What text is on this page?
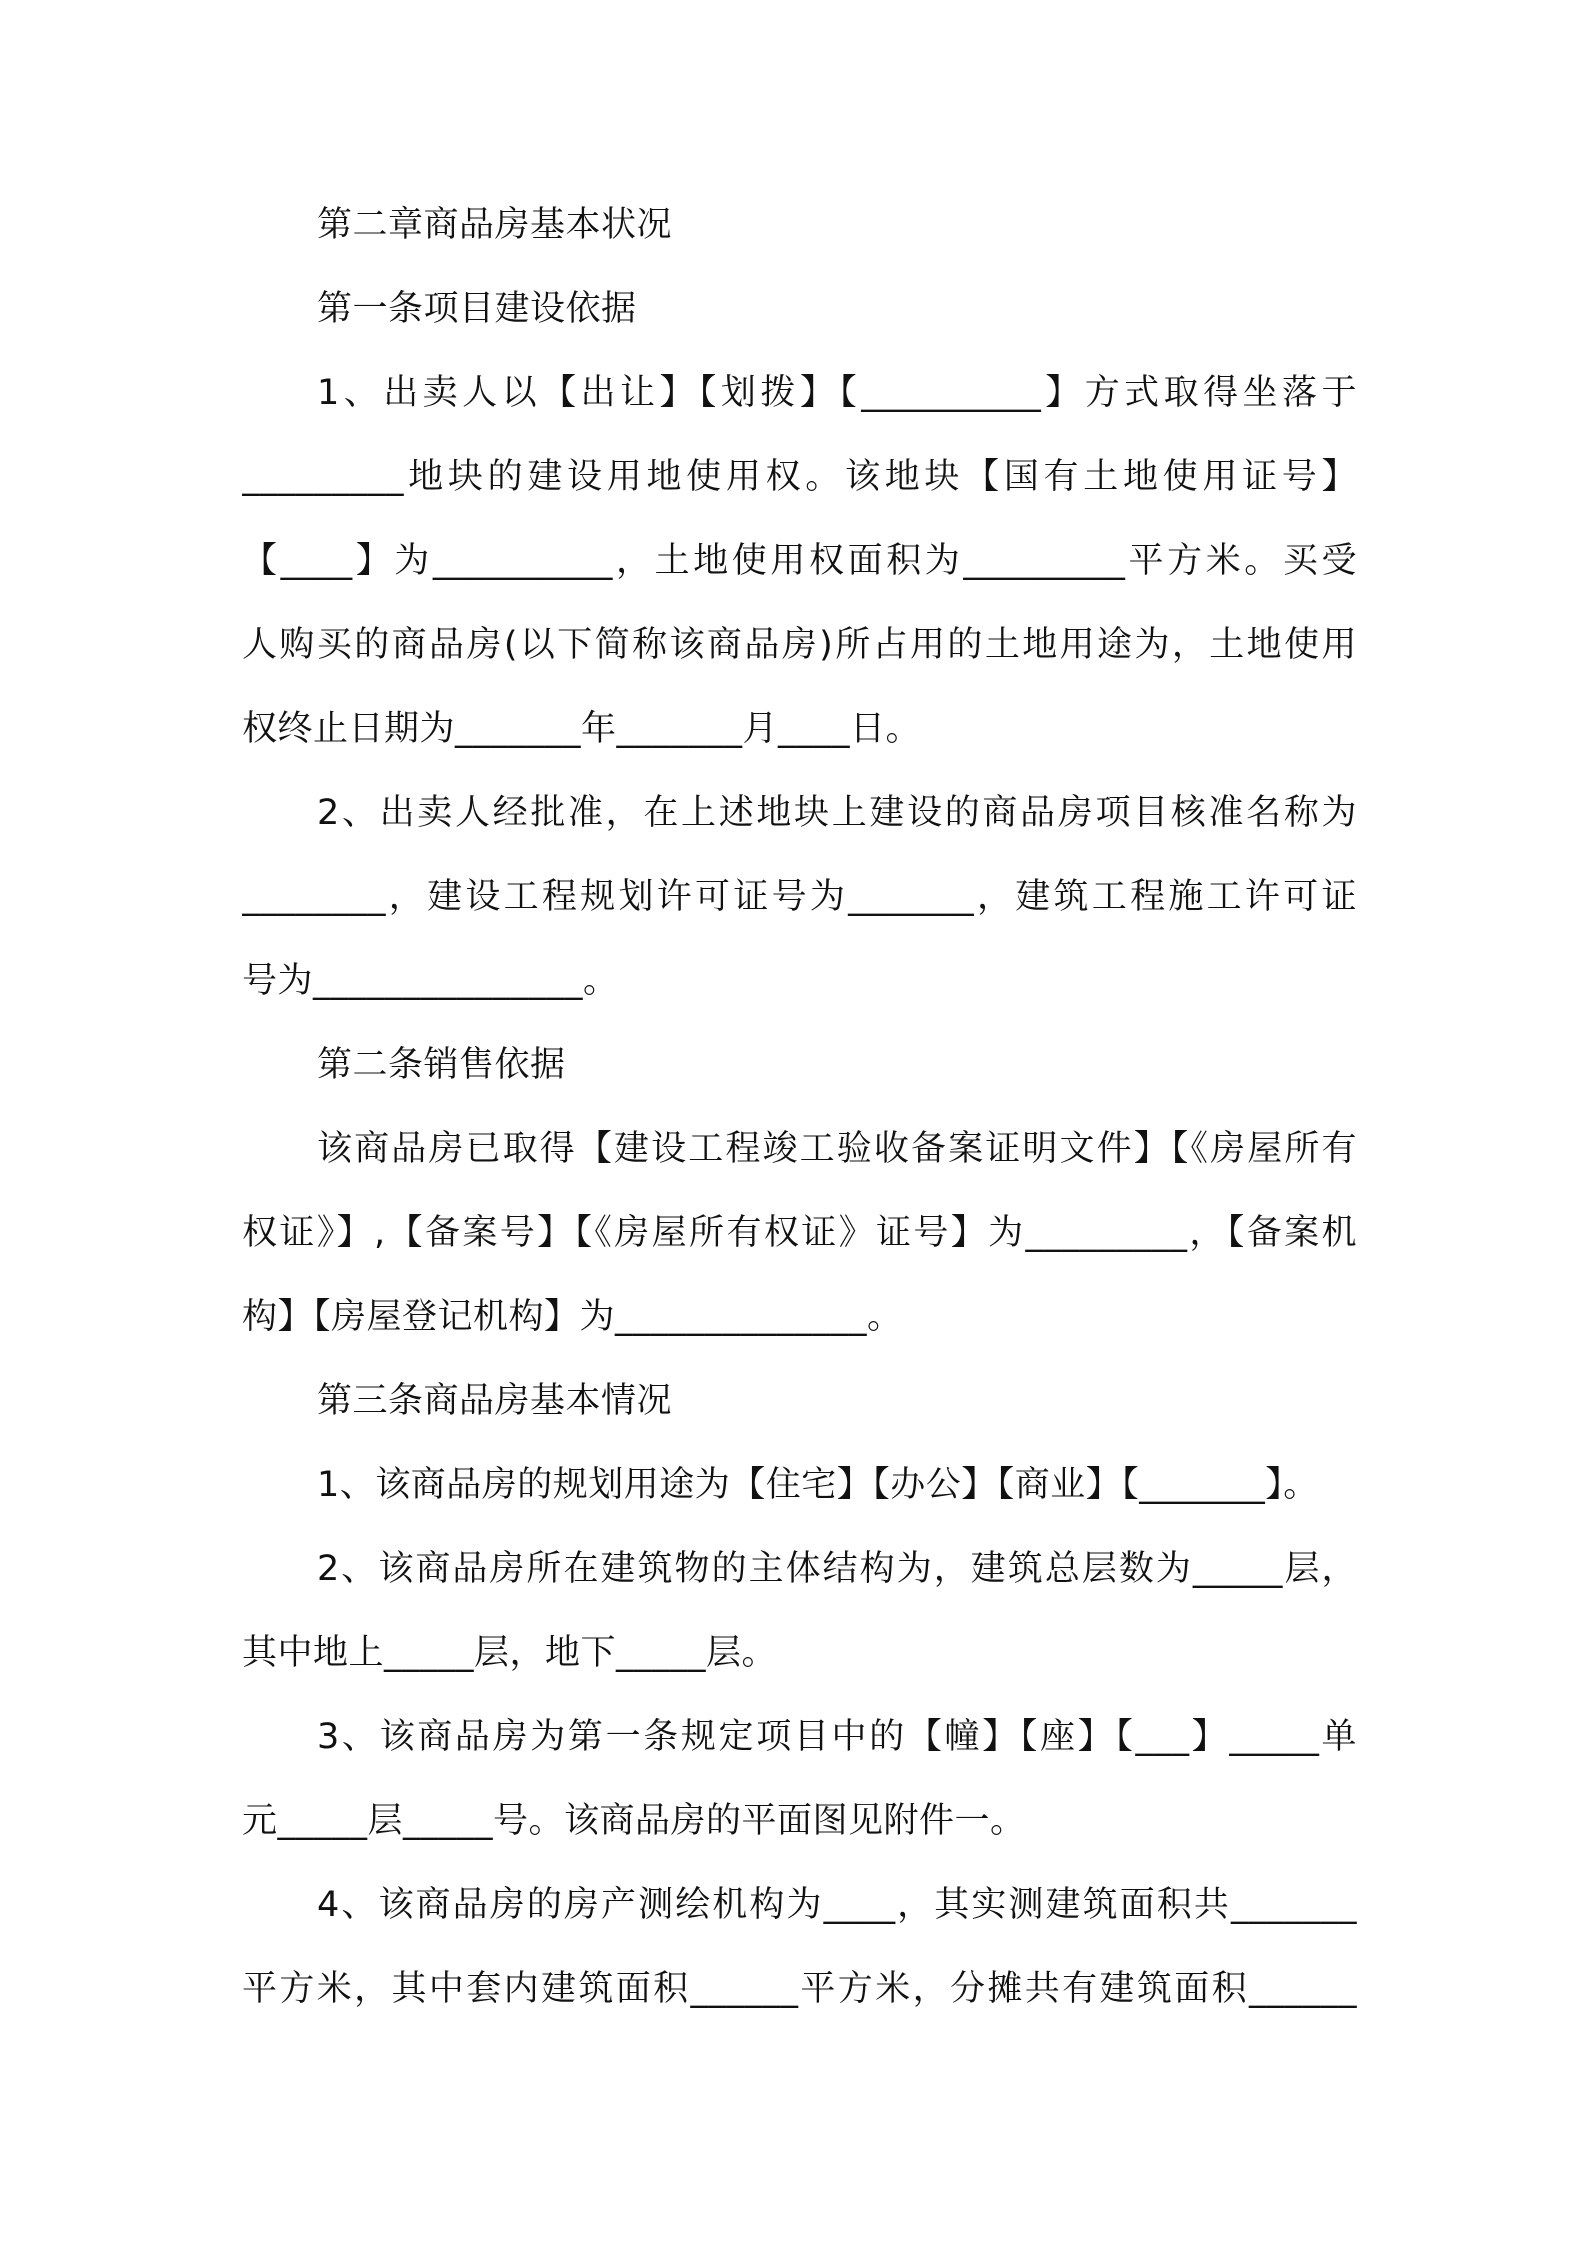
第二章商品房基本状况
第一条项目建设依据
1、出卖人以【出让】【划拨】【__________】方式取得坐落于
_________地块的建设用地使用权。该地块【国有土地使用证号】
【____】为__________，土地使用权面积为_________平方米。买受
人购买的商品房(以下简称该商品房)所占用的土地用途为，土地使用
权终止日期为_______年_______月____日。
2、出卖人经批准，在上述地块上建设的商品房项目核准名称为
________，建设工程规划许可证号为_______，建筑工程施工许可证
号为_______________。
第二条销售依据
该商品房已取得【建设工程竣工验收备案证明文件】【《房屋所有
权证》】,【备案号】【《房屋所有权证》证号】为_________，【备案机
构】【房屋登记机构】为______________。
第三条商品房基本情况
1、该商品房的规划用途为【住宅】【办公】【商业】【_______】。
2、该商品房所在建筑物的主体结构为，建筑总层数为_____层，
其中地上_____层，地下_____层。
3、该商品房为第一条规定项目中的【幢】【座】【___】_____单
元_____层_____号。该商品房的平面图见附件一。
4、该商品房的房产测绘机构为____，其实测建筑面积共_______
平方米，其中套内建筑面积______平方米，分摊共有建筑面积______
